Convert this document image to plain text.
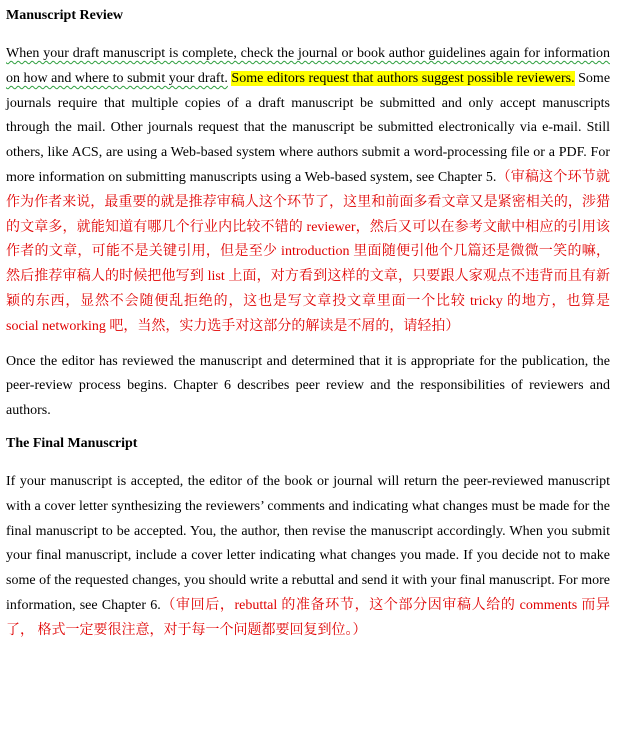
Manuscript Review

When your draft manuscript is complete, check the journal or book author guidelines again for information on how and where to submit your draft. Some editors request that authors suggest possible reviewers. Some journals require that multiple copies of a draft manuscript be submitted and only accept manuscripts through the mail. Other journals request that the manuscript be submitted electronically via e-mail. Still others, like ACS, are using a Web-based system where authors submit a word-processing file or a PDF. For more information on submitting manuscripts using a Web-based system, see Chapter 5.（审稿这个环节就作为作者来说，最重要的就是推荐审稿人这个环节了，这里和前面多看文章又是紧密相关的，涉猎的文章多，就能知道有哪几个行业内比较不错的 reviewer，然后又可以在参考文献中相应的引用该作者的文章，可能不是关键引用，但是至少 introduction 里面随便引他个几篇还是微微一笑的嘛，然后推荐审稿人的时候把他写到 list 上面，对方看到这样的文章，只要跟人家观点不违背而且有新颖的东西，显然不会随便乱拒绝的，这也是写文章投文章里面一个比较 tricky 的地方，也算是 social networking 吧，当然，实力选手对这部分的解读是不屑的，请轻拍）

Once the editor has reviewed the manuscript and determined that it is appropriate for the publication, the peer-review process begins. Chapter 6 describes peer review and the responsibilities of reviewers and authors.

The Final Manuscript

If your manuscript is accepted, the editor of the book or journal will return the peer-reviewed manuscript with a cover letter synthesizing the reviewers’ comments and indicating what changes must be made for the final manuscript to be accepted. You, the author, then revise the manuscript accordingly. When you submit your final manuscript, include a cover letter indicating what changes you made. If you decide not to make some of the requested changes, you should write a rebuttal and send it with your final manuscript. For more information, see Chapter 6.（审回后，rebuttal 的准备环节，这个部分因审稿人给的 comments 而异了， 格式一定要很注意，对于每一个问题都要回复到位。）
